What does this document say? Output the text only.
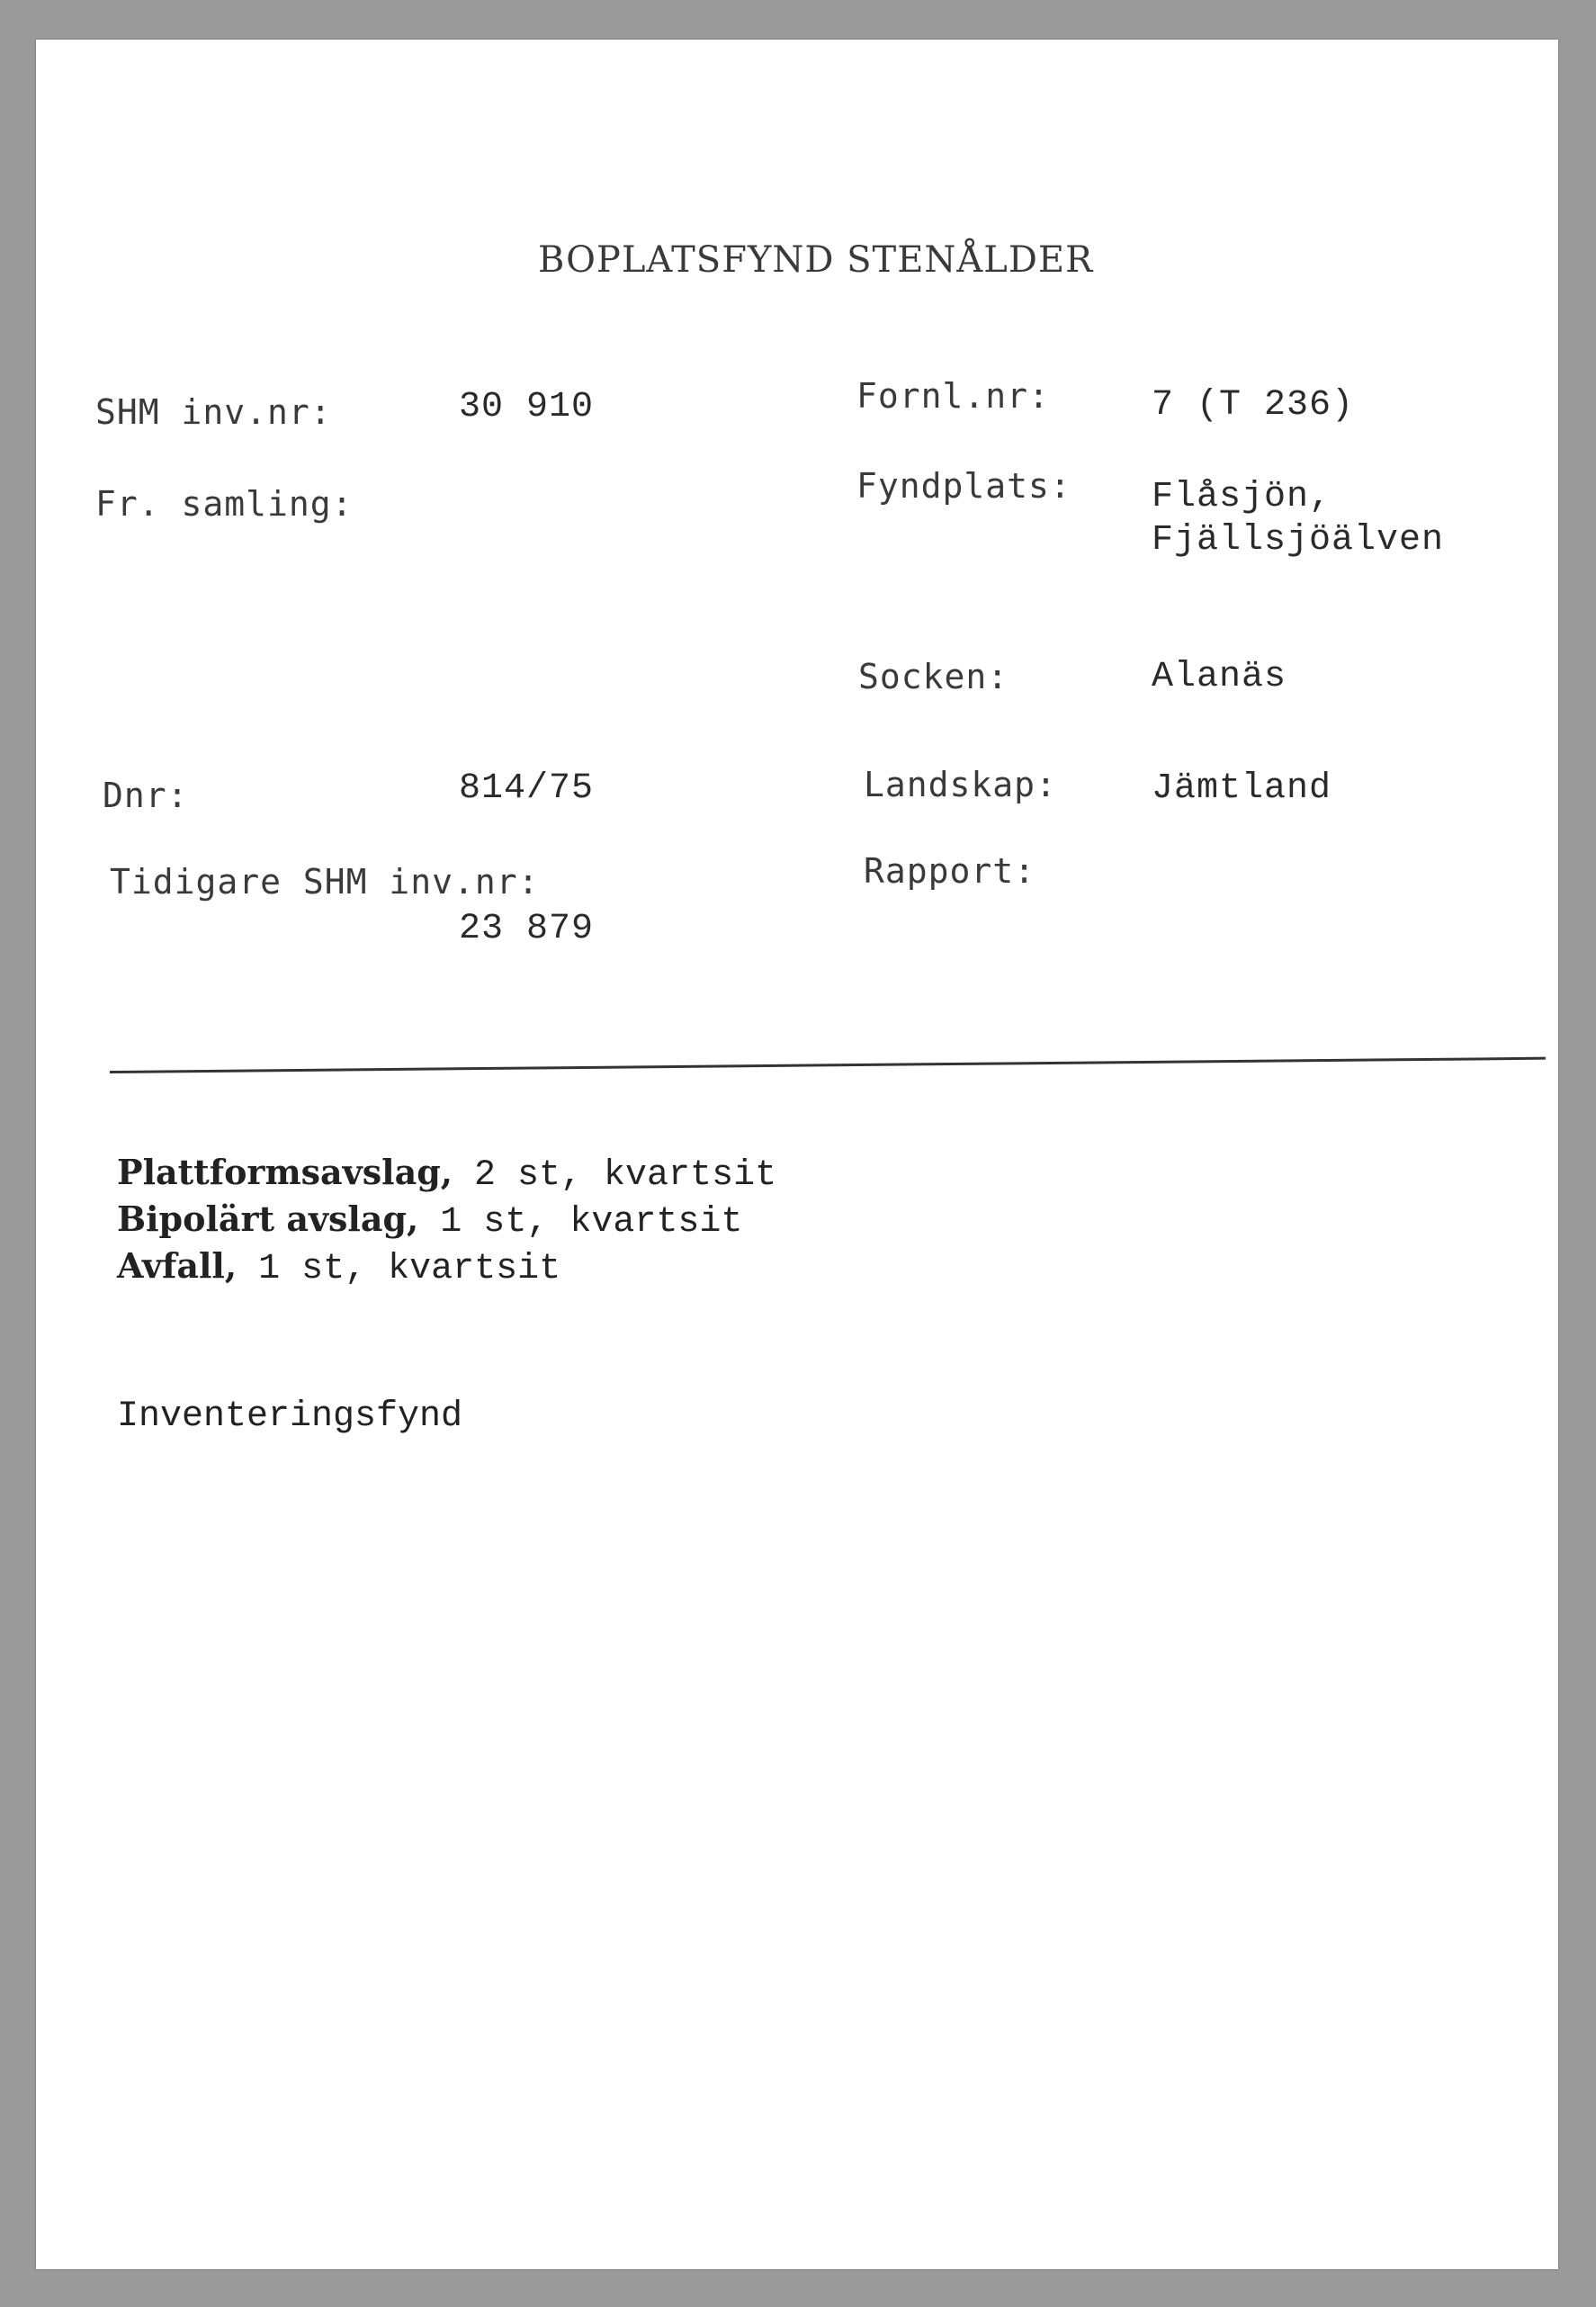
BOPLATSFYND STENÅLDER
SHM inv.nr:	30 910
Fr. samling:
Dnr:	814/75
Tidigare SHM inv.nr:
23 879
Fornl.nr:	7 (T 236)
Fyndplats: Flåsjön,
Fjällsjöälven
Socken:	Alanäs
Landskap:	Jämtland
Rapport:
Plattformsavslag, 2 st, kvartsit
Bipolärt avslag, 1 st, kvartsit
Avfall, 1 st, kvartsit
Inventeringsfynd
